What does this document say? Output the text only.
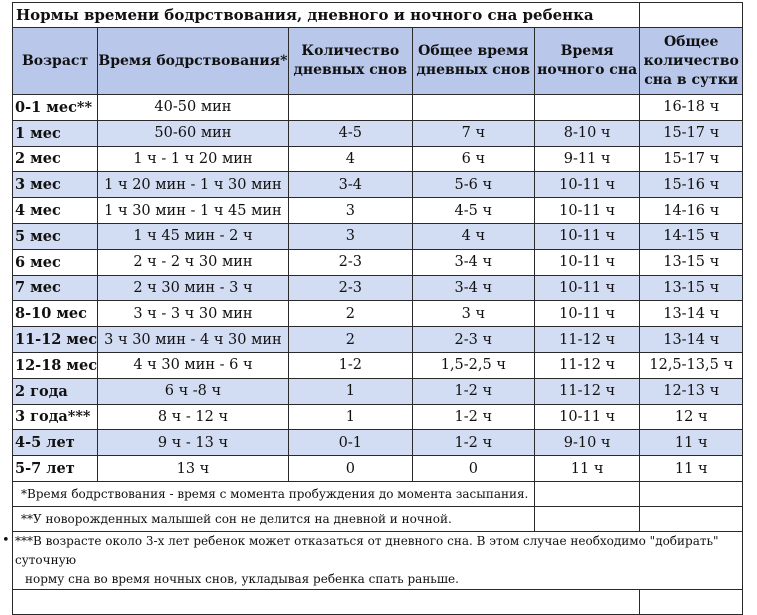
Нормы времени бодрствования, дневного и ночного сна ребенка					
Возраст	Время бодрствования*	Количество дневных снов	Общее время дневных снов	Время ночного сна	Общее количество сна в сутки
0-1 мес**	40-50 мин				16-18 ч
1 мес	50-60 мин	4-5	7 ч	8-10 ч	15-17 ч
2 мес	1 ч - 1 ч 20 мин	4	6 ч	9-11 ч	15-17 ч
3 мес	1 ч 20 мин - 1 ч 30 мин	3-4	5-6 ч	10-11 ч	15-16 ч
4 мес	1 ч 30 мин - 1 ч 45 мин	3	4-5 ч	10-11 ч	14-16 ч
5 мес	1 ч 45 мин - 2 ч	3	4 ч	10-11 ч	14-15 ч
6 мес	2 ч - 2 ч 30 мин	2-3	3-4 ч	10-11 ч	13-15 ч
7 мес	2 ч 30 мин - 3 ч	2-3	3-4 ч	10-11 ч	13-15 ч
8-10 мес	3 ч - 3 ч 30 мин	2	3 ч	10-11 ч	13-14 ч
11-12 мес	3 ч 30 мин - 4 ч 30 мин	2	2-3 ч	11-12 ч	13-14 ч
12-18 мес	4 ч 30 мин - 6 ч	1-2	1,5-2,5 ч	11-12 ч	12,5-13,5 ч
2 года	6 ч -8 ч	1	1-2 ч	11-12 ч	12-13 ч
3 года***	8 ч - 12 ч	1	1-2 ч	10-11 ч	12 ч
4-5 лет	9 ч - 13 ч	0-1	1-2 ч	9-10 ч	11 ч
5-7 лет	13 ч	0	0	11 ч	11 ч
*Время бодрствования - время с момента пробуждения до момента засыпания.					
**У новорожденных малышей сон не делится на дневной и ночной.					
***В возрасте около 3-х лет ребенок может отказаться от дневного сна. В этом случае необходимо "добирать" суточную
норму сна во время ночных снов, укладывая ребенка спать раньше.					

•
